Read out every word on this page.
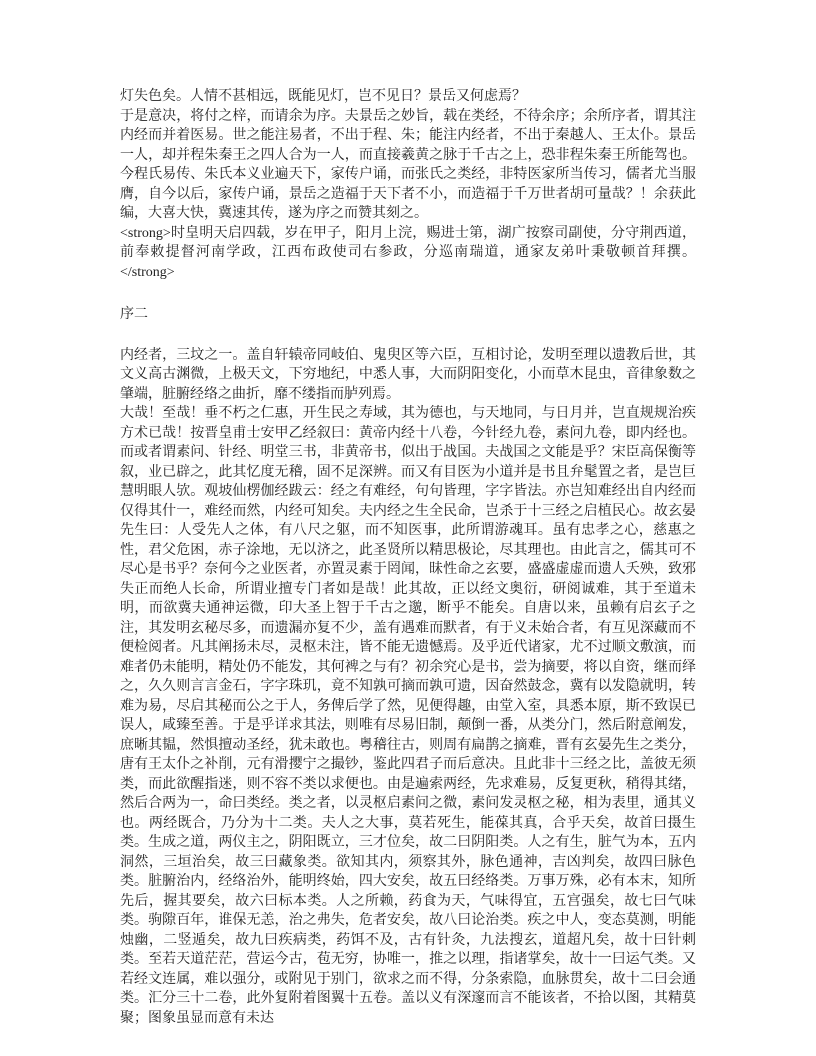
灯失色矣。人情不甚相远，既能见灯，岂不见日？景岳又何虑焉？

于是意决，将付之梓，而请余为序。夫景岳之妙旨，载在类经，不待余序；余所序者，谓其注内经而并着医易。世之能注易者，不出于程、朱；能注内经者，不出于秦越人、王太仆。景岳一人，却并程朱秦王之四人合为一人，而直接羲黄之脉于千古之上，恐非程朱秦王所能驾也。今程氏易传、朱氏本义业遍天下，家传户诵，而张氏之类经，非特医家所当传习，儒者尤当服膺，自今以后，家传户诵，景岳之造福于天下者不小，而造福于千万世者胡可量哉？！余获此编，大喜大快，冀速其传，遂为序之而赞其刻之。

<strong>时皇明天启四载，岁在甲子，阳月上浣，赐进士第，湖广按察司副使，分守荆西道，前奉敕提督河南学政，江西布政使司右参政，分巡南瑞道，通家友弟叶秉敬顿首拜撰。</strong>

序二

内经者，三坟之一。盖自轩辕帝同岐伯、鬼臾区等六臣，互相讨论，发明至理以遗教后世，其文义高古渊微，上极天文，下穷地纪，中悉人事，大而阴阳变化，小而草木昆虫，音律象数之肇端，脏腑经络之曲折，靡不缕指而胪列焉。

大哉！至哉！垂不朽之仁惠，开生民之寿域，其为德也，与天地同，与日月并，岂直规规治疾方术已哉！按晋皇甫士安甲乙经叙曰：黄帝内经十八卷，今针经九卷，素问九卷，即内经也。而或者谓素问、针经、明堂三书，非黄帝书，似出于战国。夫战国之文能是乎？宋臣高保衡等叙，业已辟之，此其忆度无稽，固不足深辨。而又有目医为小道并是书且弁髦置之者，是岂巨慧明眼人欤。观坡仙楞伽经跋云：经之有难经，句句皆理，字字皆法。亦岂知难经出自内经而仅得其什一，难经而然，内经可知矣。夫内经之生全民命，岂杀于十三经之启植民心。故玄晏先生曰：人受先人之体，有八尺之躯，而不知医事，此所谓游魂耳。虽有忠孝之心，慈惠之性，君父危困，赤子涂地，无以济之，此圣贤所以精思极论，尽其理也。由此言之，儒其可不尽心是书乎？奈何今之业医者，亦置灵素于罔闻，昧性命之玄要，盛盛虚虚而遗人夭殃，致邪失正而绝人长命，所谓业擅专门者如是哉！此其故，正以经文奥衍，研阅诚难，其于至道未明，而欲冀夫通神运微，印大圣上智于千古之邈，断乎不能矣。自唐以来，虽赖有启玄子之注，其发明玄秘尽多，而遗漏亦复不少，盖有遇难而默者，有于义未始合者，有互见深藏而不便检阅者。凡其阐扬未尽，灵枢未注，皆不能无遗憾焉。及乎近代诸家，尤不过顺文敷演，而难者仍未能明，精处仍不能发，其何裨之与有？初余究心是书，尝为摘要，将以自资，继而绎之，久久则言言金石，字字珠玑，竟不知孰可摘而孰可遗，因奋然鼓念，冀有以发隐就明，转难为易，尽启其秘而公之于人，务俾后学了然，见便得趣，由堂入室，具悉本原，斯不致误已误人，咸臻至善。于是乎详求其法，则唯有尽易旧制，颠倒一番，从类分门，然后附意阐发，庶晰其韫，然惧擅动圣经，犹未敢也。粤稽往古，则周有扁鹊之摘难，晋有玄晏先生之类分，唐有王太仆之补削，元有滑撄宁之撮钞，鉴此四君子而后意决。且此非十三经之比，盖彼无须类，而此欲醒指迷，则不容不类以求便也。由是遍索两经，先求难易，反复更秋，稍得其绪，然后合两为一，命曰类经。类之者，以灵枢启素问之微，素问发灵枢之秘，相为表里，通其义也。两经既合，乃分为十二类。夫人之大事，莫若死生，能葆其真，合乎天矣，故首曰摄生类。生成之道，两仪主之，阴阳既立，三才位矣，故二曰阴阳类。人之有生，脏气为本，五内洞然，三垣治矣，故三曰藏象类。欲知其内，须察其外，脉色通神，吉凶判矣，故四曰脉色类。脏腑治内，经络治外，能明终始，四大安矣，故五曰经络类。万事万殊，必有本末，知所先后，握其要矣，故六曰标本类。人之所赖，药食为天，气味得宜，五宫强矣，故七曰气味类。驹隙百年，谁保无恙，治之弗失，危者安矣，故八曰论治类。疾之中人，变态莫测，明能烛幽，二竖遁矣，故九曰疾病类，药饵不及，古有针灸，九法搜玄，道超凡矣，故十曰针刺类。至若天道茫茫，营运今古，苞无穷，协唯一，推之以理，指诸掌矣，故十一曰运气类。又若经文连属，难以强分，或附见于别门，欲求之而不得，分条索隐，血脉贯矣，故十二曰会通类。汇分三十二卷，此外复附着图翼十五卷。盖以义有深邃而言不能该者，不拾以图，其精莫聚；图象虽显而意有未达
